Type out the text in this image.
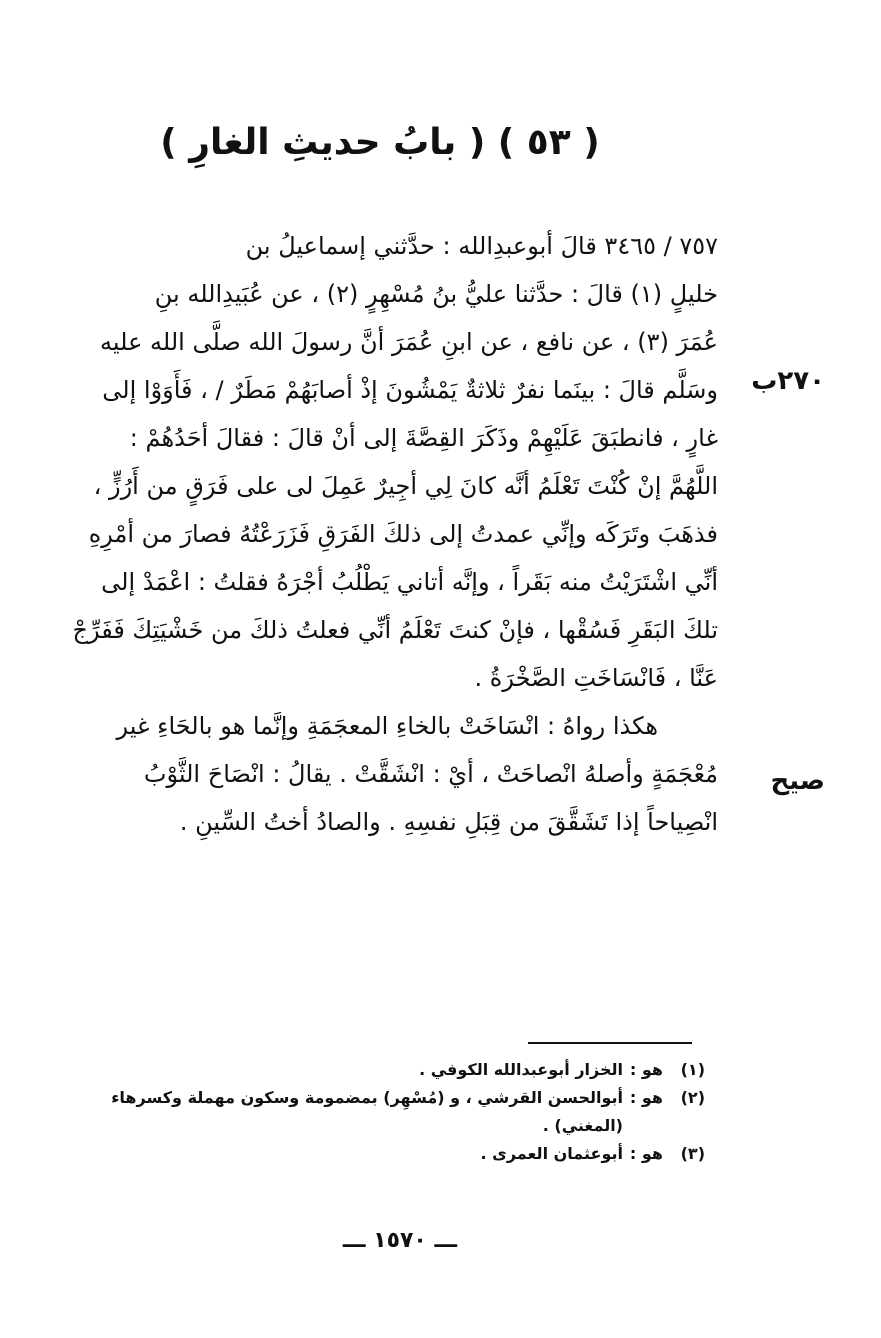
( ٥٣ ) ( بابُ حديثِ الغارِ )
٧٥٧ / ٣٤٦٥ قالَ أبوعبدِالله : حدَّثني إسماعيلُ بن
خليلٍ (١) قالَ : حدَّثنا عليُّ بنُ مُسْهِرٍ (٢) ، عن عُبَيدِالله بنِ
عُمَرَ (٣) ، عن نافع ، عن ابنِ عُمَرَ أنَّ رسولَ الله صلَّى الله عليه
وسَلَّم قالَ : بينَما نفرٌ ثلاثةٌ يَمْشُونَ إذْ أصابَهُمْ مَطَرٌ / ، فَأَوَوْا إلى
غارٍ ، فانطبَقَ عَلَيْهِمْ وذَكَرَ القِصَّةَ إلى أنْ قالَ : فقالَ أحَدُهُمْ :
اللَّهُمَّ إنْ كُنْتَ تَعْلَمُ أنَّه كانَ لِي أجِيرٌ عَمِلَ لى على فَرَقٍ من أَرُزٍّ ،
فذهَبَ وتَرَكَه وإنِّي عمدتُ إلى ذلكَ الفَرَقِ فَزَرَعْتُهُ فصارَ من أمْرِهِ
أنِّي اشْتَرَيْتُ منه بَقَراً ، وإنَّه أتاني يَطْلُبُ أجْرَهُ فقلتُ : اعْمَدْ إلى
تلكَ البَقَرِ فَسُقْها ، فإنْ كنتَ تَعْلَمُ أنِّي فعلتُ ذلكَ من خَشْيَتِكَ فَفَرِّجْ
عَنَّا ، فَانْسَاخَتِ الصَّخْرَةُ .
هكذا رواهُ : انْسَاخَتْ بالخاءِ المعجَمَةِ وإنَّما هو بالحَاءِ غير
مُعْجَمَةٍ وأصلهُ انْصاحَتْ ، أيْ : انْشَقَّتْ . يقالُ : انْصَاحَ الثَّوْبُ
انْصِياحاً إذا تَشَقَّقَ من قِبَلِ نفسِهِ . والصادُ أختُ السِّينِ .
٢٧٠ب
صيح
(١)
هو :
الخزار أبوعبدالله الكوفي .
(٢)
هو :
أبوالحسن القرشي ، و (مُسْهِر) بمضمومة وسكون مهملة وكسرهاء
(المغني) .
(٣)
هو :
أبوعثمان العمرى .
ـــ ١٥٧٠ ـــ
